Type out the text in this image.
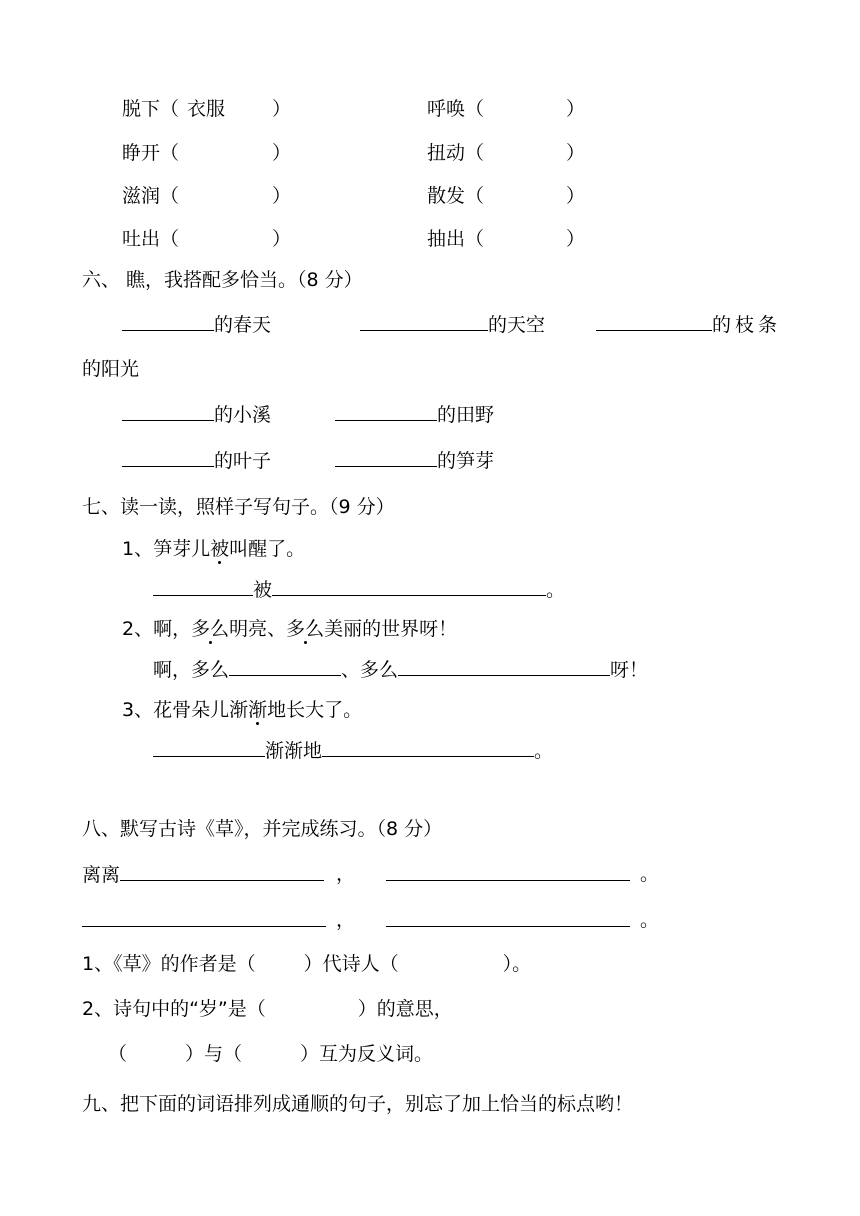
脱下（ 衣服 ）	呼唤（	）
睁开（	）	扭动（	）
滋润（	）	散发（	）
吐出（	）	抽出（	）
六、 瞧，我搭配多恰当。（8 分）
的春天	的天空	的枝条
的阳光
的小溪	的田野
的叶子	的笋芽
七、读一读，照样子写句子。（9 分）
1、笋芽儿被叫醒了。
被	。
2、啊，多么明亮、多么美丽的世界呀！
啊，多么	、多么	呀！
3、花骨朵儿渐渐地长大了。
渐渐地	。
八、默写古诗《草》，并完成练习。（8 分）
离离	，	。
，	。
1、《草》的作者是（	）代诗人（	）。
2、诗句中的“岁”是（	）的意思，
（	）与（	）互为反义词。
九、把下面的词语排列成通顺的句子，别忘了加上恰当的标点哟！
